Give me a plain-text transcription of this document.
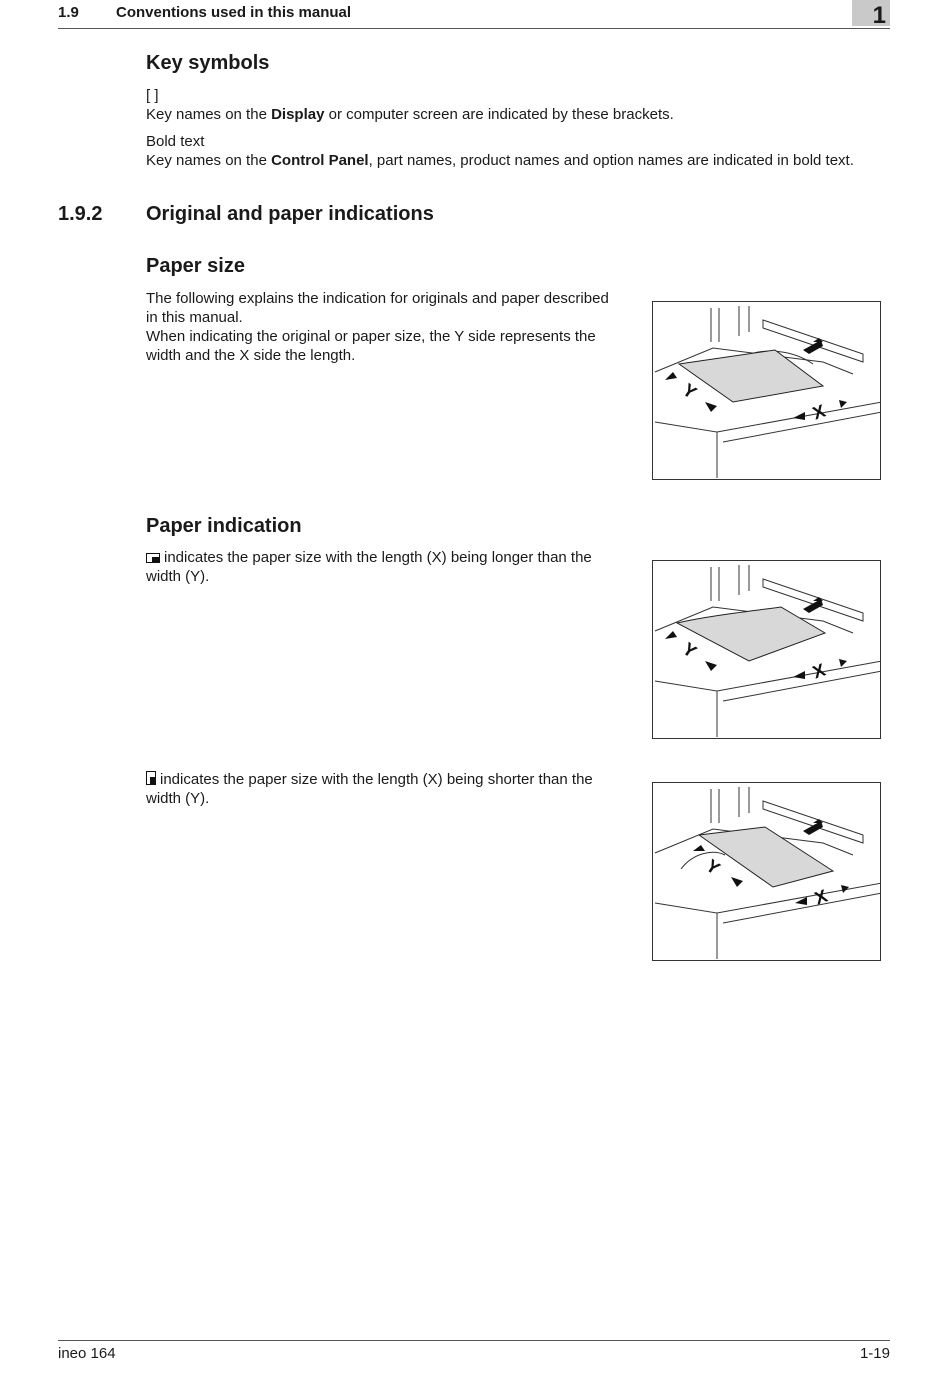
1.9 Conventions used in this manual	1
Key symbols
[ ]
Key names on the Display or computer screen are indicated by these brackets.
Bold text
Key names on the Control Panel, part names, product names and option names are indicated in bold text.
1.9.2 Original and paper indications
Paper size
The following explains the indication for originals and paper described
in this manual.
When indicating the original or paper size, the Y side represents the
width and the X side the length.
Y
X
Paper indication
indicates the paper size with the length (X) being longer than the
width (Y).
Y
X
indicates the paper size with the length (X) being shorter than the
width (Y).
Y
X
ineo 164	1-19
